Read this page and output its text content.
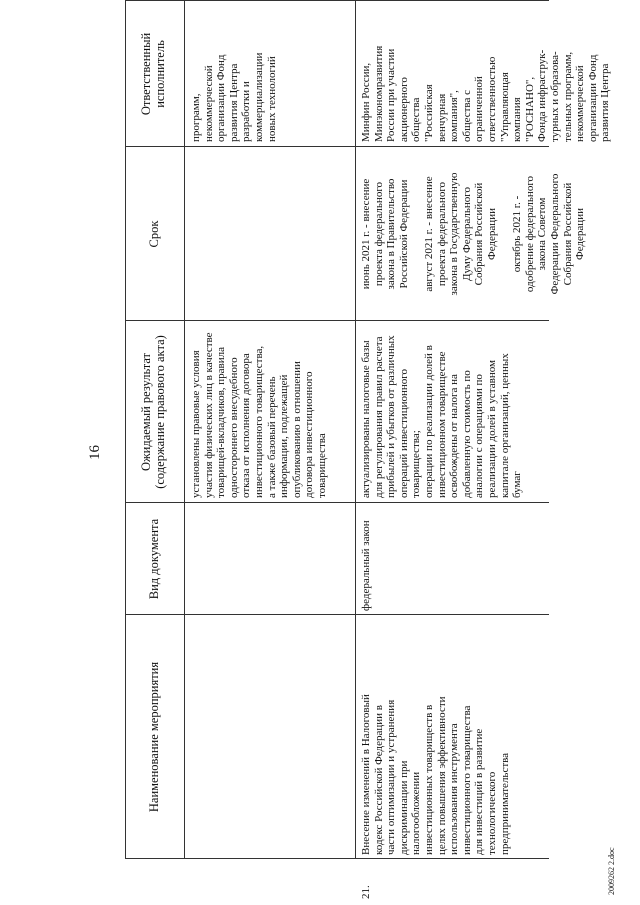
16
Наименование мероприятия
Вид документа
Ожидаемый результат
(содержание правового акта)
Срок
Ответственный
исполнитель
установлены правовые условия
участия физических лиц в качестве
товарищей-вкладчиков, правила
одностороннего внесудебного
отказа от исполнения договора
инвестиционного товарищества,
а также базовый перечень
информации, подлежащей
опубликованию в отношении
договора инвестиционного
товарищества
программ,
некоммерческой
организации Фонд
развития Центра
разработки и
коммерциализации
новых технологий
21.
Внесение изменений в Налоговый
кодекс Российской Федерации в
части оптимизации и устранения
дискриминации при
налогообложении
инвестиционных товариществ в
целях повышения эффективности
использования инструмента
инвестиционного товарищества
для инвестиций в развитие
технологического
предпринимательства
федеральный закон
актуализированы налоговые базы
для регулирования правил расчета
прибылей и убытков от различных
операций инвестиционного
товарищества;
операции по реализации долей в
инвестиционном товариществе
освобождены от налога на
добавленную стоимость по
аналогии с операциями по
реализации долей в уставном
капитале организаций, ценных
бумаг
июнь 2021 г. - внесение
проекта федерального
закона в Правительство
Российской Федерации

август 2021 г. - внесение
проекта федерального
закона в Государственную
Думу Федерального
Собрания Российской
Федерации

октябрь 2021 г. -
одобрение федерального
закона Советом
Федерации Федерального
Собрания Российской
Федерации
Минфин России,
Минэкономразвития
России при участии
акционерного
общества
"Российская
венчурная
компания",
общества с
ограниченной
ответственностью
"Управляющая
компания
"РОСНАНО",
Фонда инфраструк-
турных и образова-
тельных программ,
некоммерческой
организации Фонд
развития Центра
2009262 2.doc
